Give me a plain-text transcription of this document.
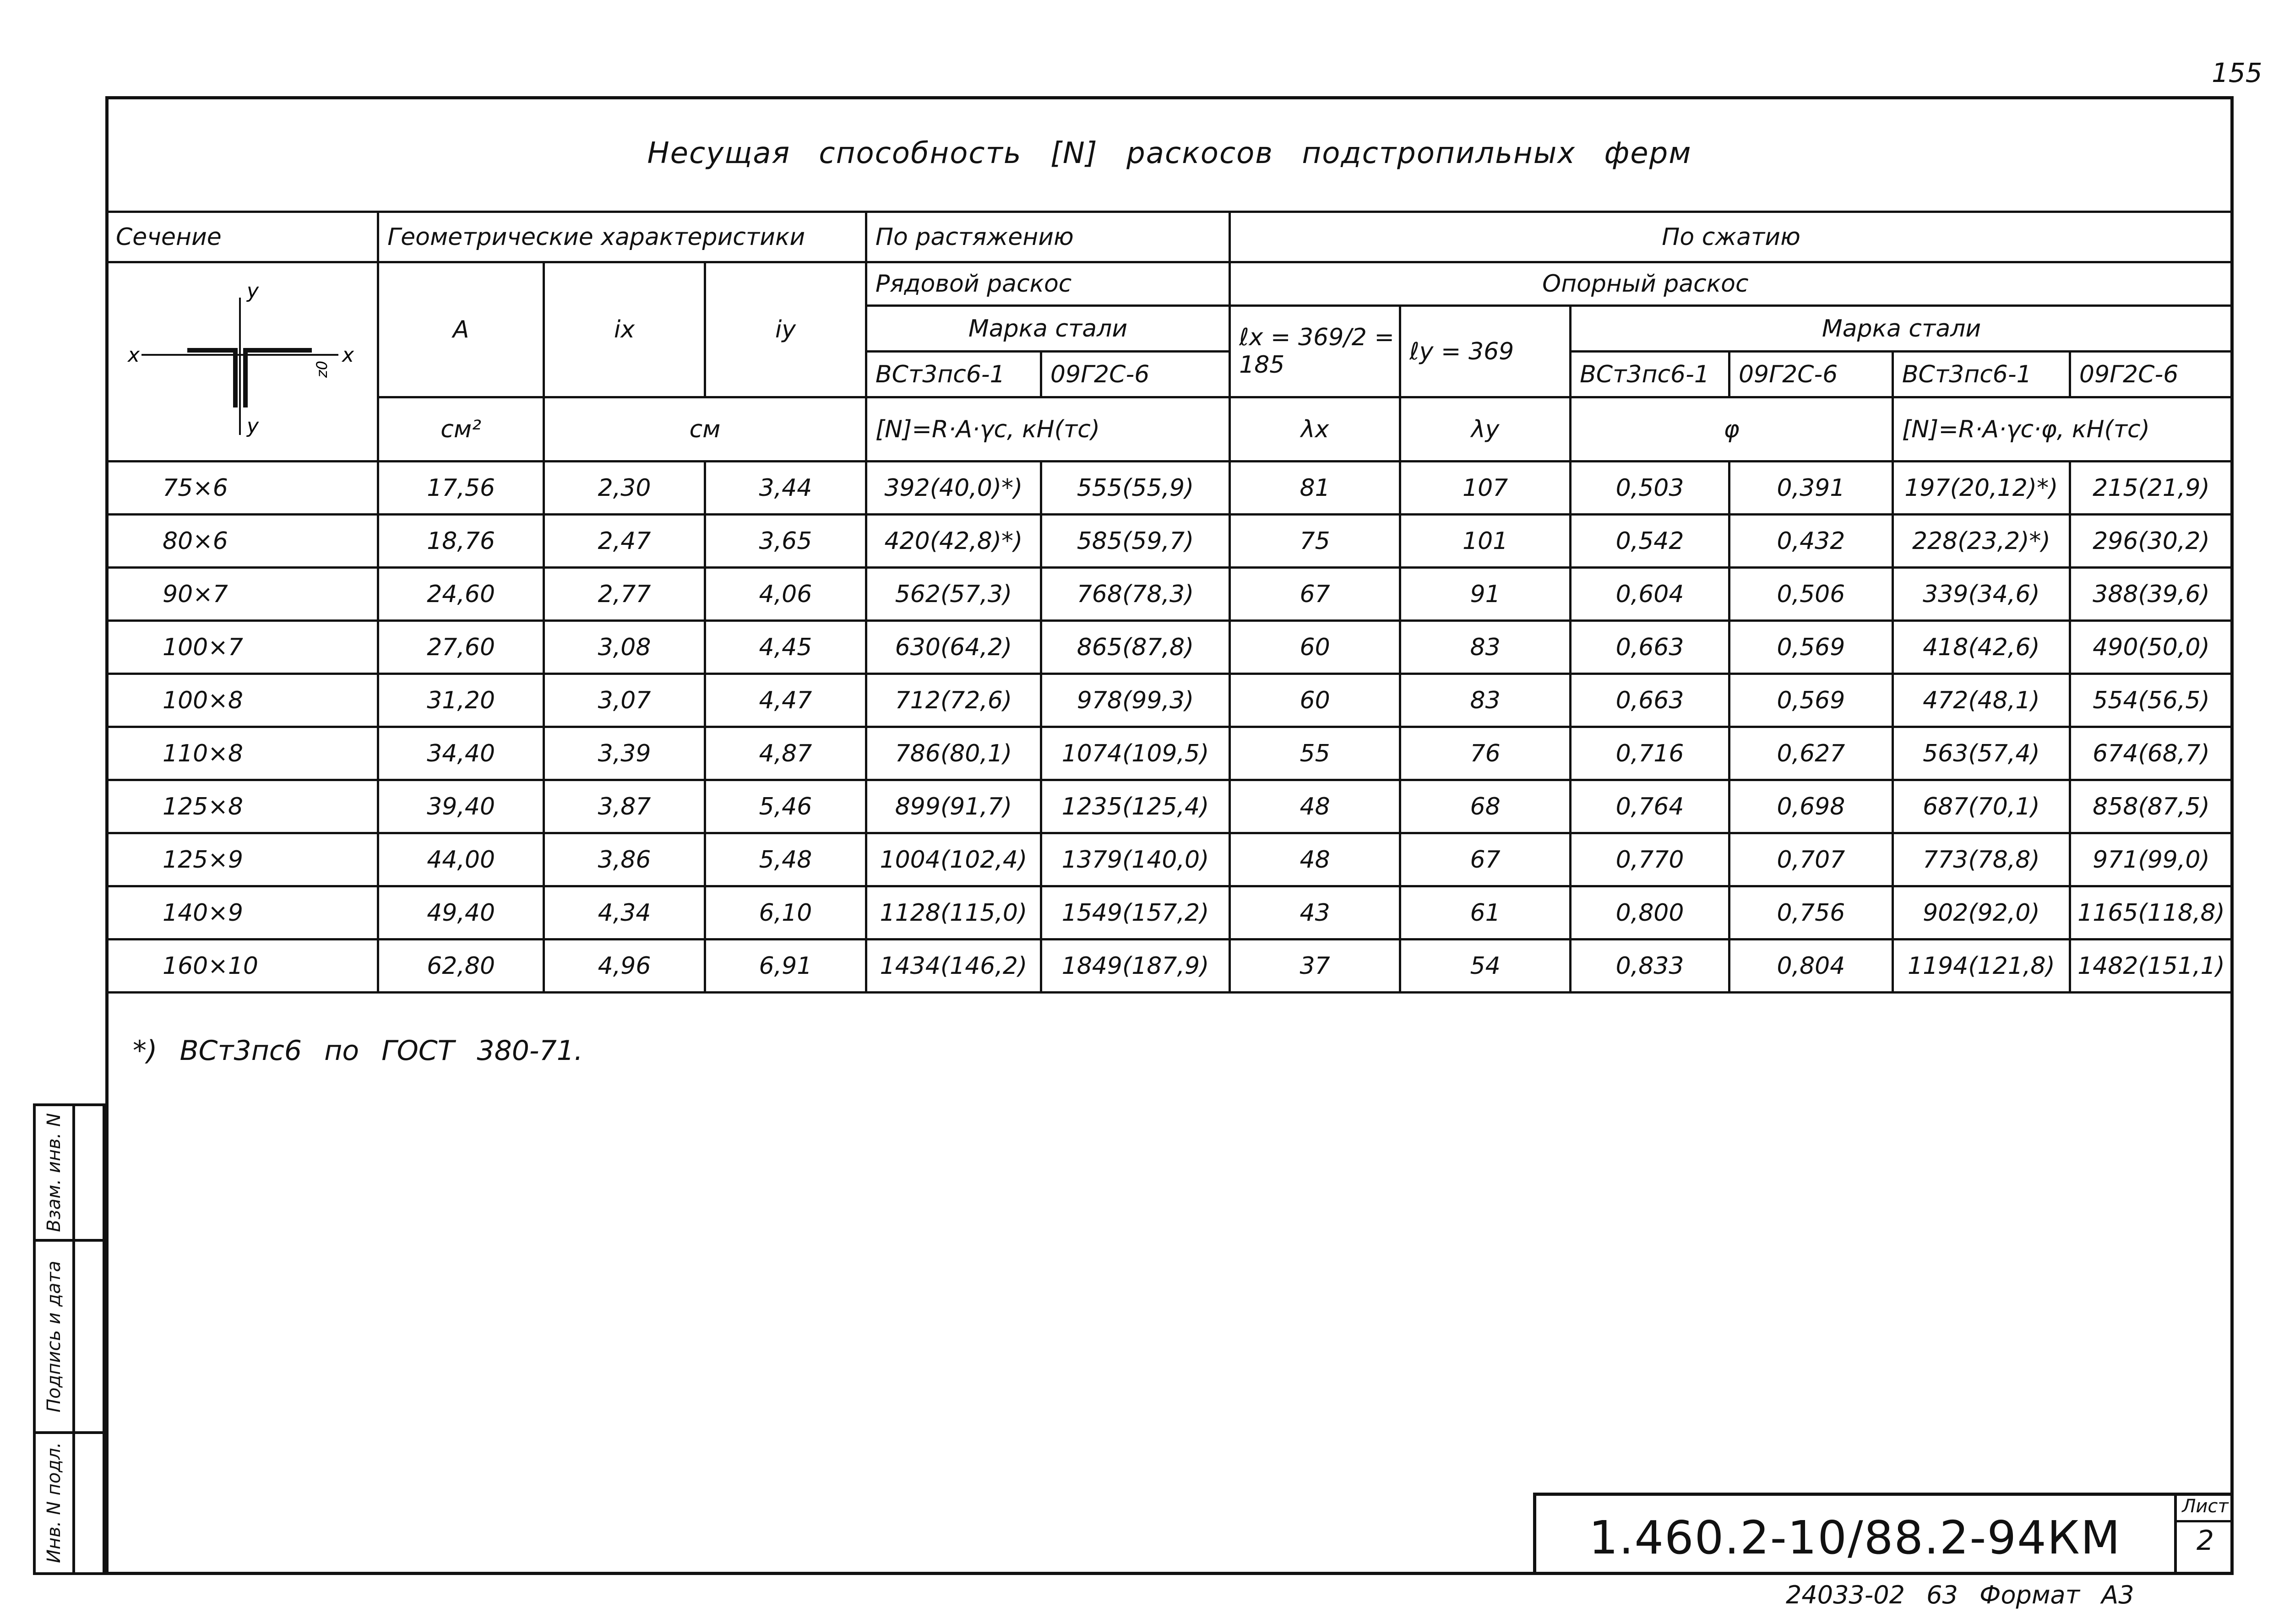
155
Несущая способность [N] раскосов подстропильных ферм
Сечение	Геометрические характеристики			По растяжению		По сжатию					

x x
y
y
z0	A	ix	iy	Рядовой раскос		Опорный раскос					
				Марка стали		ℓx = 369/2 = 185	ℓy = 369	Марка стали			
				ВСт3пс6-1	09Г2С-6			ВСт3пс6-1	09Г2С-6	ВСт3пс6-1	09Г2С-6
	см²	см		[N]=R·A·γc, кН(тс)		λx	λy	φ		[N]=R·A·γc·φ, кН(тс)	
75×6	17,56	2,30	3,44	392(40,0)*)	555(55,9)	81	107	0,503	0,391	197(20,12)*)	215(21,9)
80×6	18,76	2,47	3,65	420(42,8)*)	585(59,7)	75	101	0,542	0,432	228(23,2)*)	296(30,2)
90×7	24,60	2,77	4,06	562(57,3)	768(78,3)	67	91	0,604	0,506	339(34,6)	388(39,6)
100×7	27,60	3,08	4,45	630(64,2)	865(87,8)	60	83	0,663	0,569	418(42,6)	490(50,0)
100×8	31,20	3,07	4,47	712(72,6)	978(99,3)	60	83	0,663	0,569	472(48,1)	554(56,5)
110×8	34,40	3,39	4,87	786(80,1)	1074(109,5)	55	76	0,716	0,627	563(57,4)	674(68,7)
125×8	39,40	3,87	5,46	899(91,7)	1235(125,4)	48	68	0,764	0,698	687(70,1)	858(87,5)
125×9	44,00	3,86	5,48	1004(102,4)	1379(140,0)	48	67	0,770	0,707	773(78,8)	971(99,0)
140×9	49,40	4,34	6,10	1128(115,0)	1549(157,2)	43	61	0,800	0,756	902(92,0)	1165(118,8)
160×10	62,80	4,96	6,91	1434(146,2)	1849(187,9)	37	54	0,833	0,804	1194(121,8)	1482(151,1)
*) ВСт3пс6 по ГОСТ 380-71.
Взам. инв. N
Подпись и дата
Инв. N подл.	1.460.2-10/88.2-94КМ
Лист
2
24033-02 63 Формат А3
